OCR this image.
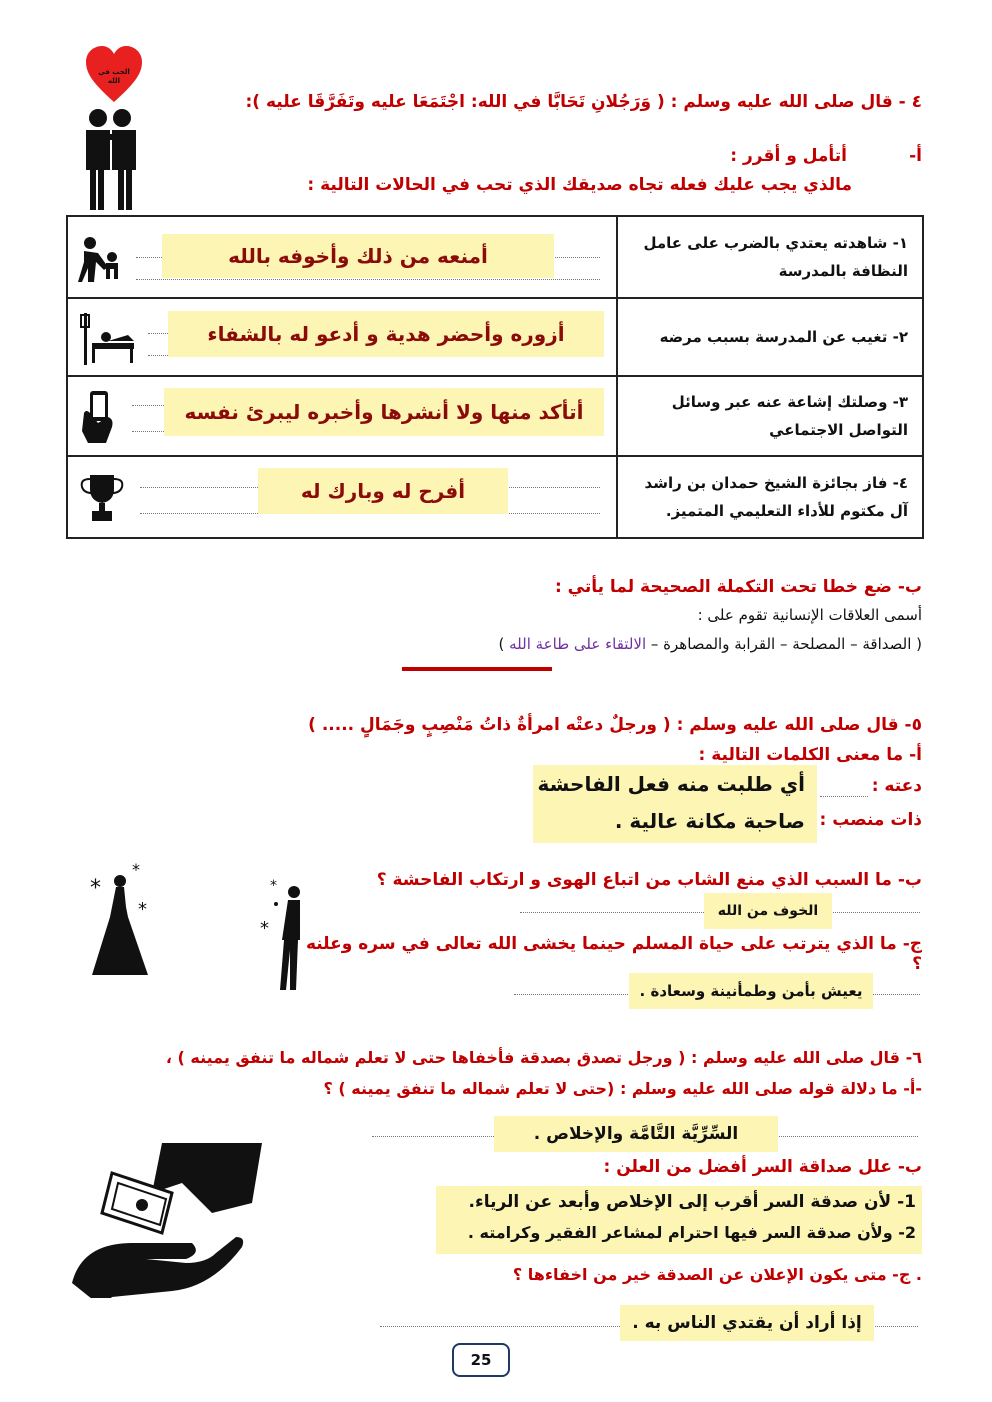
الحب في الله
٤ - قال صلى الله عليه وسلم : ( وَرَجُلانِ تَحَابَّا في الله: اجْتَمَعَا عليه وتَفَرَّقَا عليه ):
أ-
أتأمل و أقرر :
مالذي يجب عليك فعله تجاه صديقك الذي تحب في الحالات التالية :
أمنعه من ذلك وأخوفه بالله	١- شاهدته يعتدي بالضرب على عامل النظافة بالمدرسة

أزوره وأحضر هدية و أدعو له بالشفاء	٢- تغيب عن المدرسة بسبب مرضه

أتأكد منها ولا أنشرها وأخبره ليبرئ نفسه	٣- وصلتك إشاعة عنه عبر وسائل التواصل الاجتماعي

أفرح له وبارك له	٤- فاز بجائزة الشيخ حمدان بن راشد آل مكتوم للأداء التعليمي المتميز.
ب- ضع خطا تحت التكملة الصحيحة لما يأتي :
أسمى العلاقات الإنسانية تقوم على :
( الصداقة – المصلحة – القرابة والمصاهرة – الالتقاء على طاعة الله )
٥- قال صلى الله عليه وسلم : ( ورجلٌ دعتْه امرأةٌ ذاتُ مَنْصِبٍ وجَمَالٍ ..... )
أ- ما معنى الكلمات التالية :
دعته :
ذات منصب :
أي طلبت منه فعل الفاحشة
صاحبة مكانة عالية .
*
*
*
*
*
ب- ما السبب الذي منع الشاب من اتباع الهوى و ارتكاب الفاحشة ؟
الخوف من الله
ج- ما الذي يترتب على حياة المسلم حينما يخشى الله تعالى في سره وعلنه ؟
يعيش بأمن وطمأنينة وسعادة .
٦- قال صلى الله عليه وسلم : ( ورجل تصدق بصدقة فأخفاها حتى لا تعلم شماله ما تنفق يمينه ) ،
-أ- ما دلالة قوله صلى الله عليه وسلم : (حتى لا تعلم شماله ما تنفق يمينه ) ؟
السِّرِّيَّة التَّامَّة والإخلاص .
ب- علل صداقة السر أفضل من العلن :
1- لأن صدقة السر أقرب إلى الإخلاص وأبعد عن الرياء.
2- ولأن صدقة السر فيها احترام لمشاعر الفقير وكرامته .
. ج- متى يكون الإعلان عن الصدقة خير من اخفاءها ؟
إذا أراد أن يقتدي الناس به .
25
